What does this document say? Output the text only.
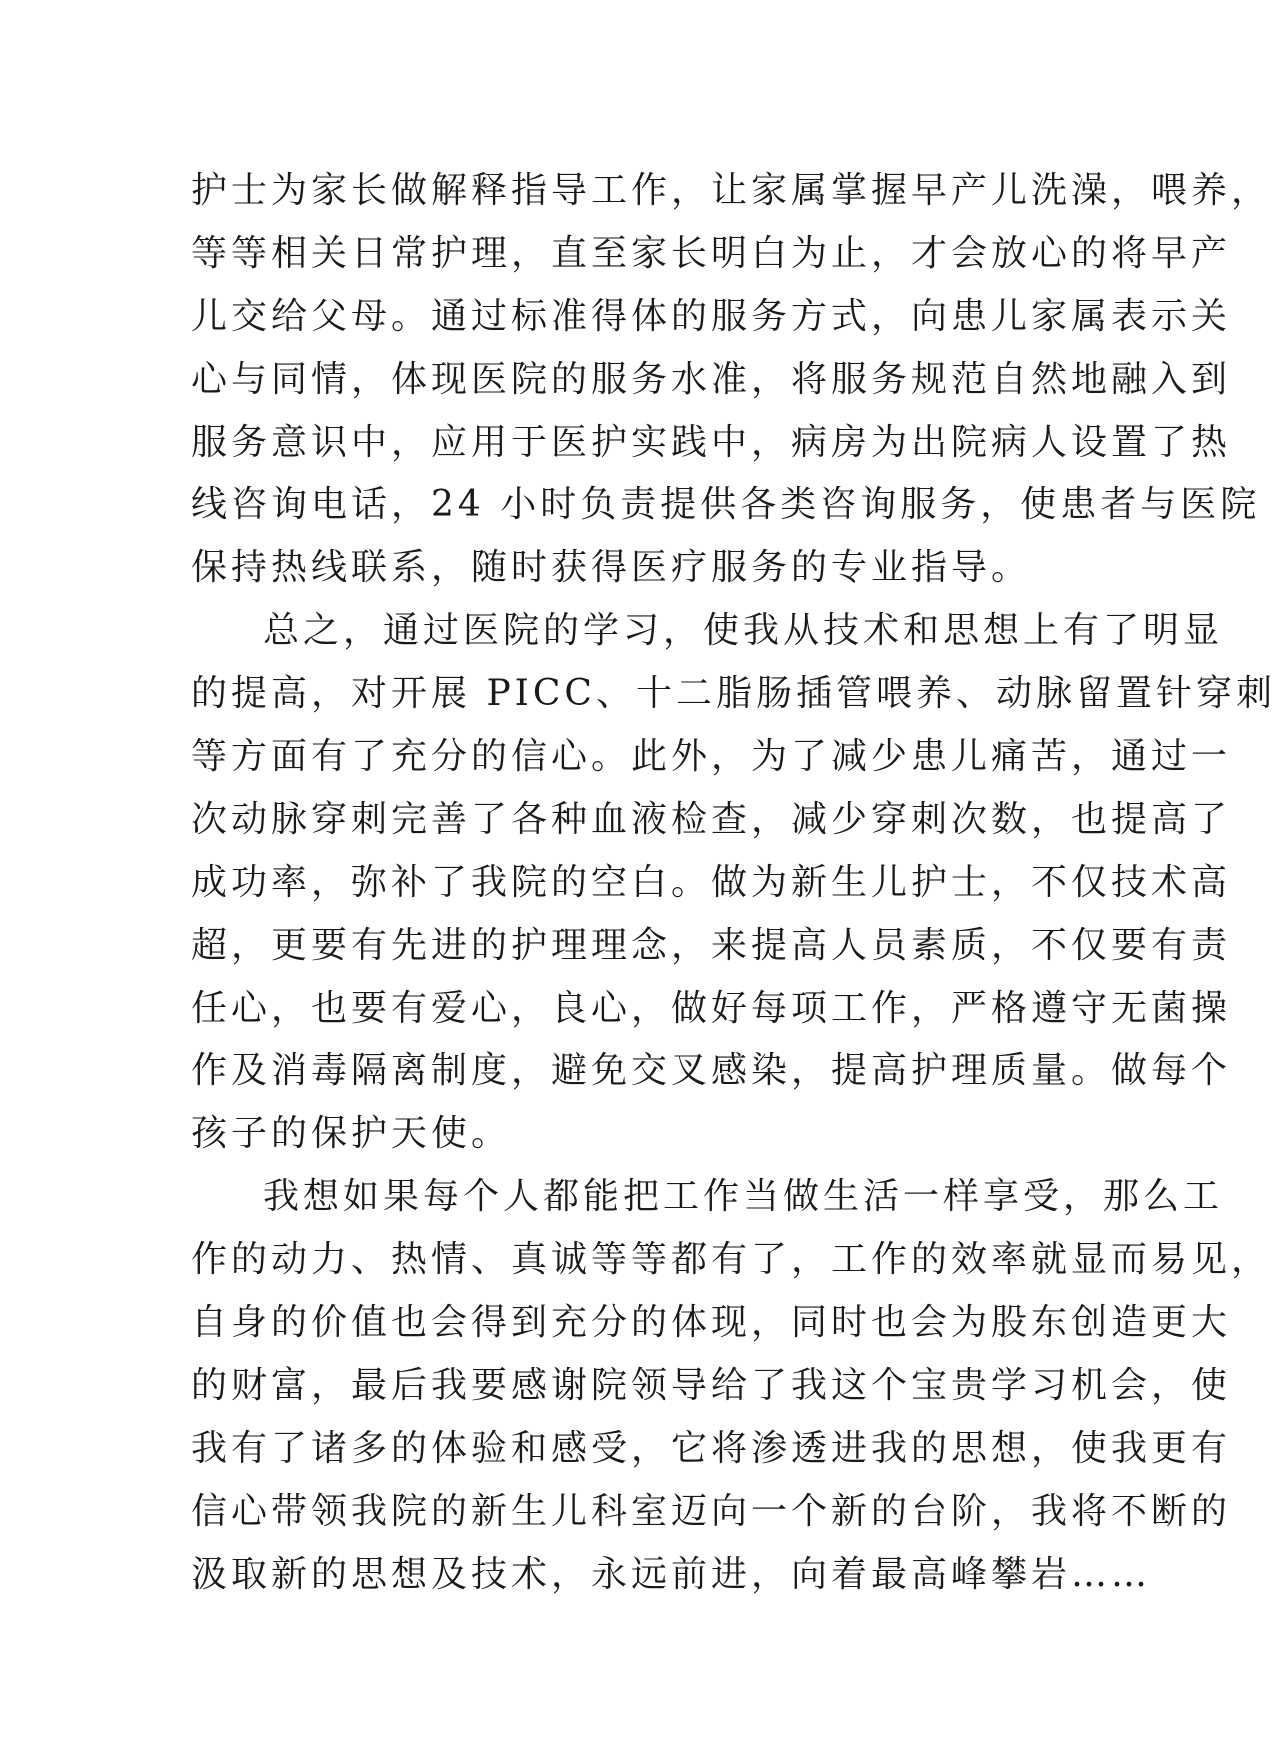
护士为家长做解释指导工作，让家属掌握早产儿洗澡，喂养，
等等相关日常护理，直至家长明白为止，才会放心的将早产
儿交给父母。通过标准得体的服务方式，向患儿家属表示关
心与同情，体现医院的服务水准，将服务规范自然地融入到
服务意识中，应用于医护实践中，病房为出院病人设置了热
线咨询电话，24 小时负责提供各类咨询服务，使患者与医院
保持热线联系，随时获得医疗服务的专业指导。
总之，通过医院的学习，使我从技术和思想上有了明显
的提高，对开展 PICC、十二脂肠插管喂养、动脉留置针穿刺
等方面有了充分的信心。此外，为了减少患儿痛苦，通过一
次动脉穿刺完善了各种血液检查，减少穿刺次数，也提高了
成功率，弥补了我院的空白。做为新生儿护士，不仅技术高
超，更要有先进的护理理念，来提高人员素质，不仅要有责
任心，也要有爱心，良心，做好每项工作，严格遵守无菌操
作及消毒隔离制度，避免交叉感染，提高护理质量。做每个
孩子的保护天使。
我想如果每个人都能把工作当做生活一样享受，那么工
作的动力、热情、真诚等等都有了，工作的效率就显而易见，
自身的价值也会得到充分的体现，同时也会为股东创造更大
的财富，最后我要感谢院领导给了我这个宝贵学习机会，使
我有了诸多的体验和感受，它将渗透进我的思想，使我更有
信心带领我院的新生儿科室迈向一个新的台阶，我将不断的
汲取新的思想及技术，永远前进，向着最高峰攀岩……
